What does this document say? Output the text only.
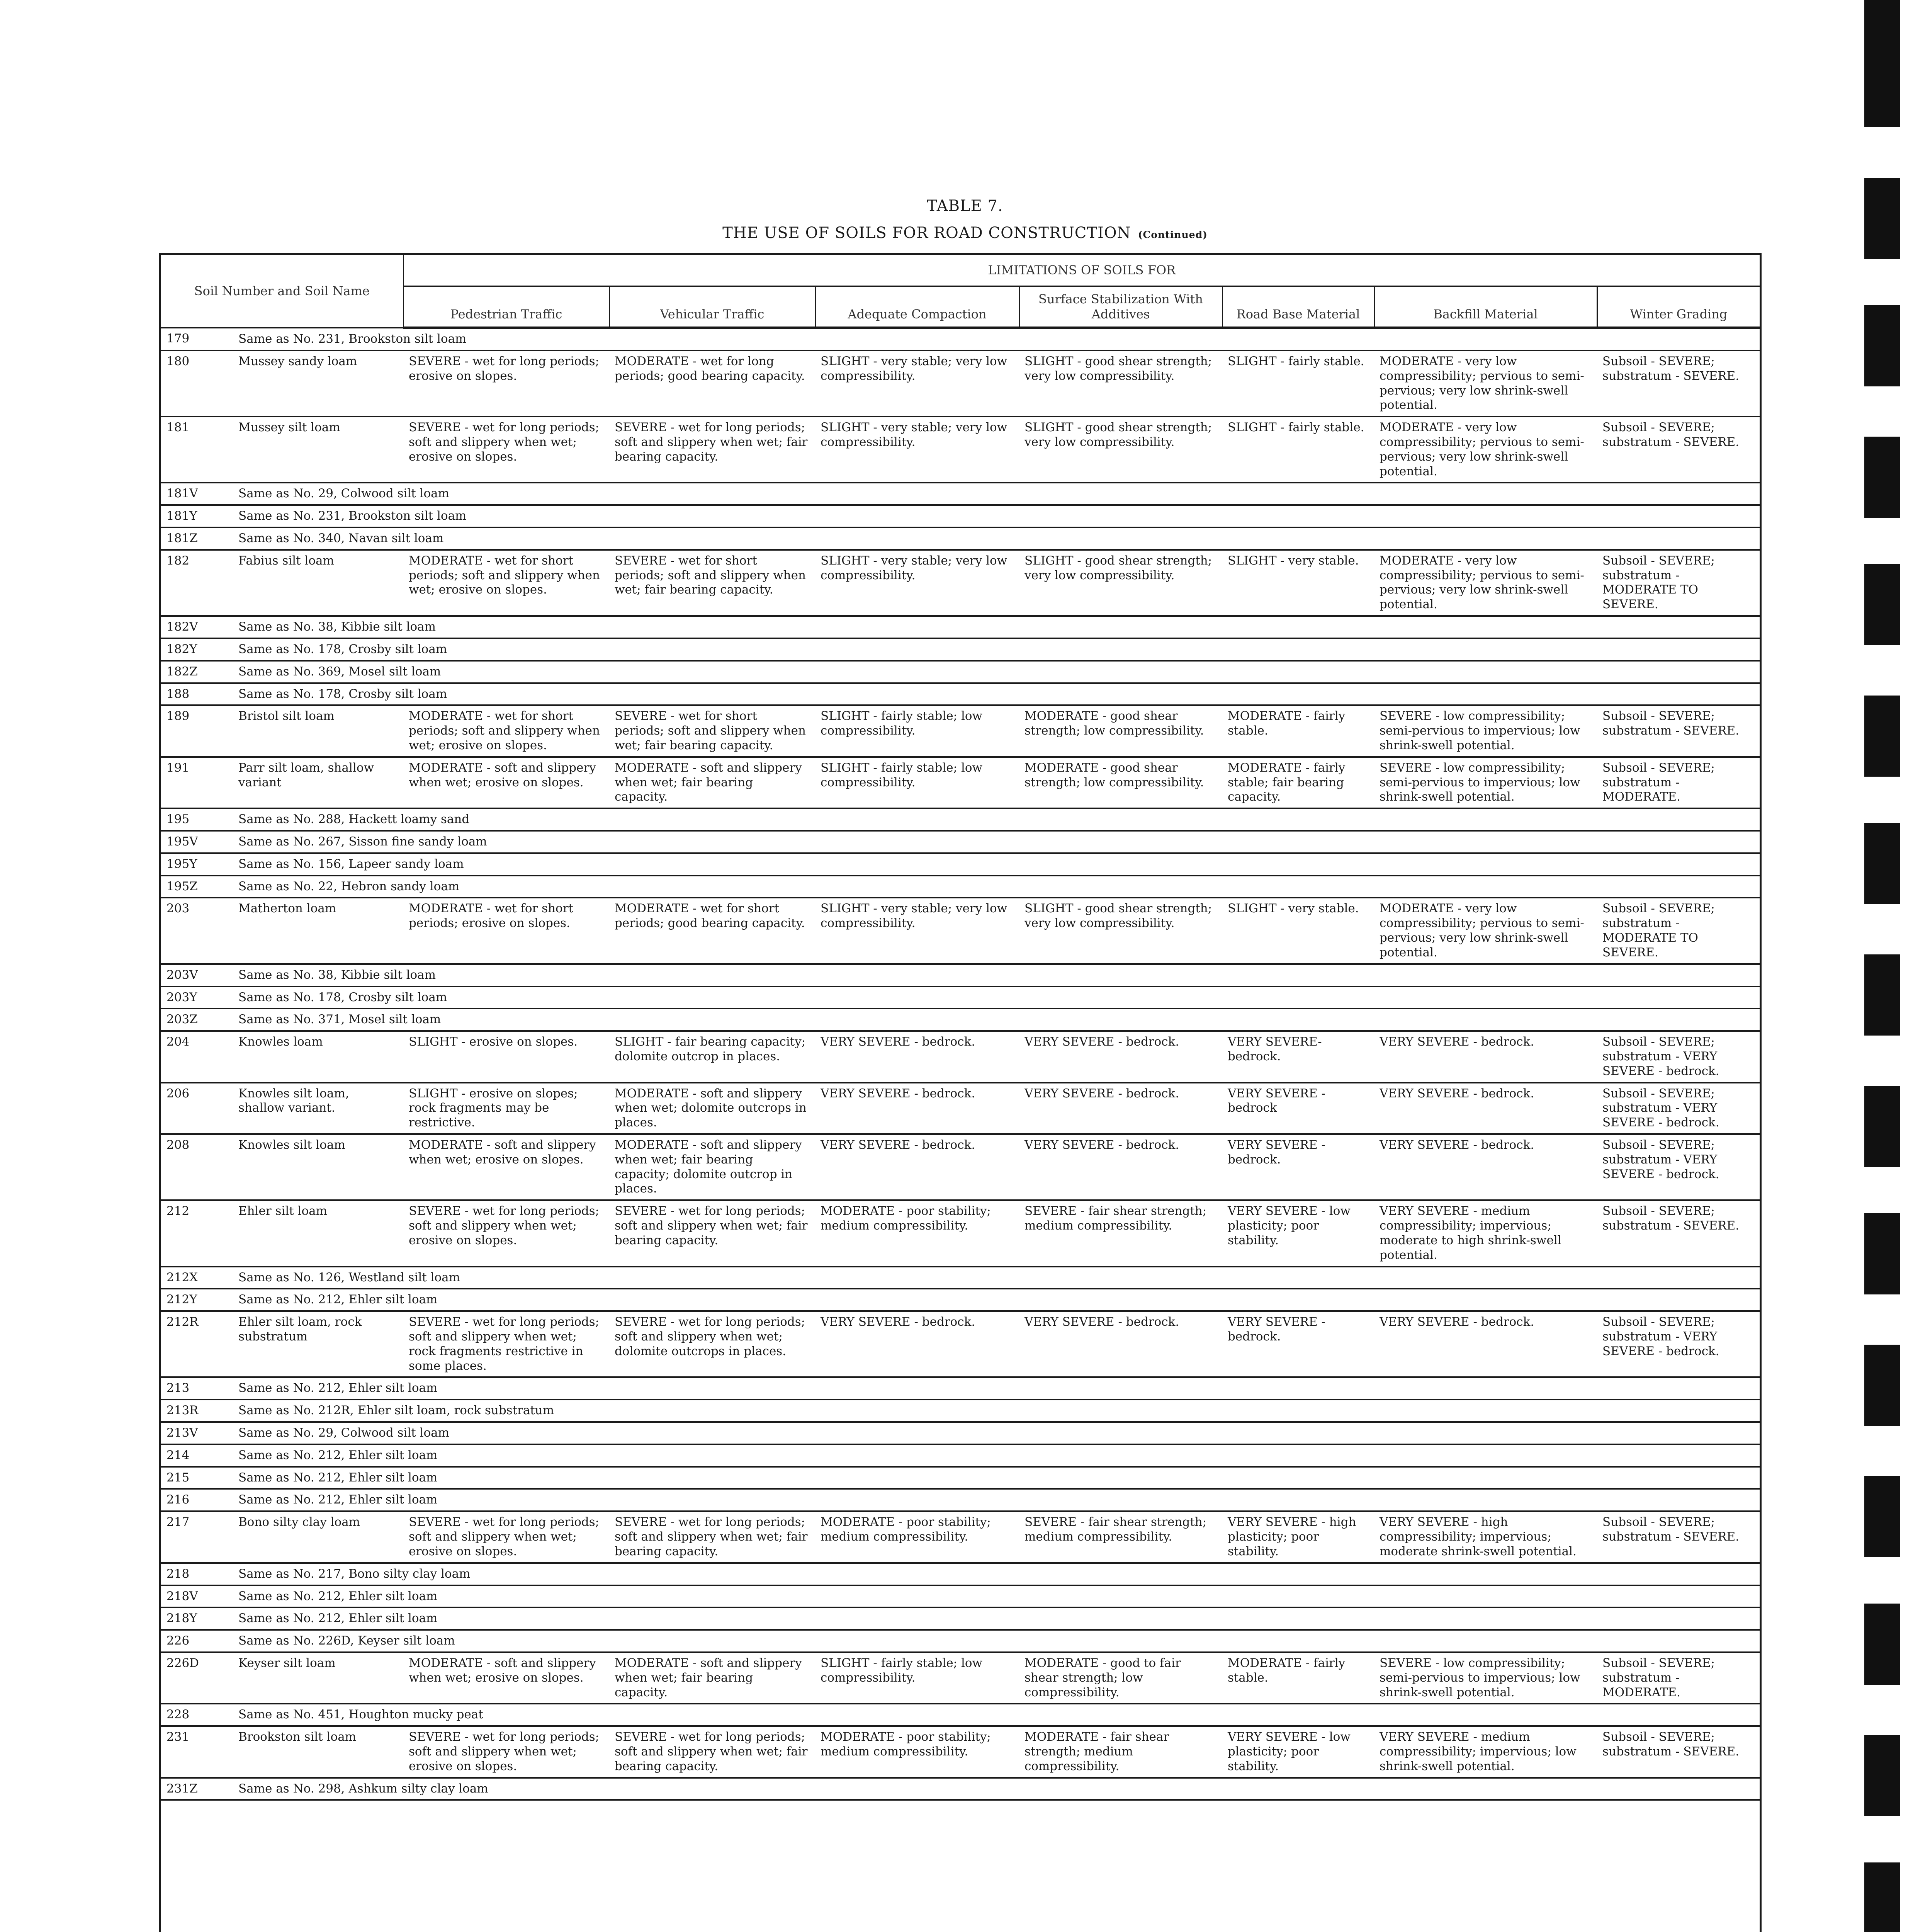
TABLE 7.
THE USE OF SOILS FOR ROAD CONSTRUCTION (Continued)
Soil Number and Soil Name		LIMITATIONS OF SOILS FOR						
		Pedestrian Traffic	Vehicular Traffic	Adequate Compaction	Surface Stabilization With Additives	Road Base Material	Backfill Material	Winter Grading
179	Same as No. 231, Brookston silt loam							
180	Mussey sandy loam	SEVERE - wet for long periods; erosive on slopes.	MODERATE - wet for long periods; good bearing capacity.	SLIGHT - very stable; very low compressibility.	SLIGHT - good shear strength; very low compressibility.	SLIGHT - fairly stable.	MODERATE - very low compressibility; pervious to semi-pervious; very low shrink-swell potential.	Subsoil - SEVERE; substratum - SEVERE.
181	Mussey silt loam	SEVERE - wet for long periods; soft and slippery when wet; erosive on slopes.	SEVERE - wet for long periods; soft and slippery when wet; fair bearing capacity.	SLIGHT - very stable; very low compressibility.	SLIGHT - good shear strength; very low compressibility.	SLIGHT - fairly stable.	MODERATE - very low compressibility; pervious to semi-pervious; very low shrink-swell potential.	Subsoil - SEVERE; substratum - SEVERE.
181V	Same as No. 29, Colwood silt loam							
181Y	Same as No. 231, Brookston silt loam							
181Z	Same as No. 340, Navan silt loam							
182	Fabius silt loam	MODERATE - wet for short periods; soft and slippery when wet; erosive on slopes.	SEVERE - wet for short periods; soft and slippery when wet; fair bearing capacity.	SLIGHT - very stable; very low compressibility.	SLIGHT - good shear strength; very low compressibility.	SLIGHT - very stable.	MODERATE - very low compressibility; pervious to semi-pervious; very low shrink-swell potential.	Subsoil - SEVERE; substratum - MODERATE TO SEVERE.
182V	Same as No. 38, Kibbie silt loam							
182Y	Same as No. 178, Crosby silt loam							
182Z	Same as No. 369, Mosel silt loam							
188	Same as No. 178, Crosby silt loam							
189	Bristol silt loam	MODERATE - wet for short periods; soft and slippery when wet; erosive on slopes.	SEVERE - wet for short periods; soft and slippery when wet; fair bearing capacity.	SLIGHT - fairly stable; low compressibility.	MODERATE - good shear strength; low compressibility.	MODERATE - fairly stable.	SEVERE - low compressibility; semi-pervious to impervious; low shrink-swell potential.	Subsoil - SEVERE; substratum - SEVERE.
191	Parr silt loam, shallow variant	MODERATE - soft and slippery when wet; erosive on slopes.	MODERATE - soft and slippery when wet; fair bearing capacity.	SLIGHT - fairly stable; low compressibility.	MODERATE - good shear strength; low compressibility.	MODERATE - fairly stable; fair bearing capacity.	SEVERE - low compressibility; semi-pervious to impervious; low shrink-swell potential.	Subsoil - SEVERE; substratum - MODERATE.
195	Same as No. 288, Hackett loamy sand							
195V	Same as No. 267, Sisson fine sandy loam							
195Y	Same as No. 156, Lapeer sandy loam							
195Z	Same as No. 22, Hebron sandy loam							
203	Matherton loam	MODERATE - wet for short periods; erosive on slopes.	MODERATE - wet for short periods; good bearing capacity.	SLIGHT - very stable; very low compressibility.	SLIGHT - good shear strength; very low compressibility.	SLIGHT - very stable.	MODERATE - very low compressibility; pervious to semi-pervious; very low shrink-swell potential.	Subsoil - SEVERE; substratum - MODERATE TO SEVERE.
203V	Same as No. 38, Kibbie silt loam							
203Y	Same as No. 178, Crosby silt loam							
203Z	Same as No. 371, Mosel silt loam							
204	Knowles loam	SLIGHT - erosive on slopes.	SLIGHT - fair bearing capacity; dolomite outcrop in places.	VERY SEVERE - bedrock.	VERY SEVERE - bedrock.	VERY SEVERE- bedrock.	VERY SEVERE - bedrock.	Subsoil - SEVERE; substratum - VERY SEVERE - bedrock.
206	Knowles silt loam, shallow variant.	SLIGHT - erosive on slopes; rock fragments may be restrictive.	MODERATE - soft and slippery when wet; dolomite outcrops in places.	VERY SEVERE - bedrock.	VERY SEVERE - bedrock.	VERY SEVERE - bedrock	VERY SEVERE - bedrock.	Subsoil - SEVERE; substratum - VERY SEVERE - bedrock.
208	Knowles silt loam	MODERATE - soft and slippery when wet; erosive on slopes.	MODERATE - soft and slippery when wet; fair bearing capacity; dolomite outcrop in places.	VERY SEVERE - bedrock.	VERY SEVERE - bedrock.	VERY SEVERE - bedrock.	VERY SEVERE - bedrock.	Subsoil - SEVERE; substratum - VERY SEVERE - bedrock.
212	Ehler silt loam	SEVERE - wet for long periods; soft and slippery when wet; erosive on slopes.	SEVERE - wet for long periods; soft and slippery when wet; fair bearing capacity.	MODERATE - poor stability; medium compressibility.	SEVERE - fair shear strength; medium compressibility.	VERY SEVERE - low plasticity; poor stability.	VERY SEVERE - medium compressibility; impervious; moderate to high shrink-swell potential.	Subsoil - SEVERE; substratum - SEVERE.
212X	Same as No. 126, Westland silt loam							
212Y	Same as No. 212, Ehler silt loam							
212R	Ehler silt loam, rock substratum	SEVERE - wet for long periods; soft and slippery when wet; rock fragments restrictive in some places.	SEVERE - wet for long periods; soft and slippery when wet; dolomite outcrops in places.	VERY SEVERE - bedrock.	VERY SEVERE - bedrock.	VERY SEVERE - bedrock.	VERY SEVERE - bedrock.	Subsoil - SEVERE; substratum - VERY SEVERE - bedrock.
213	Same as No. 212, Ehler silt loam							
213R	Same as No. 212R, Ehler silt loam, rock substratum							
213V	Same as No. 29, Colwood silt loam							
214	Same as No. 212, Ehler silt loam							
215	Same as No. 212, Ehler silt loam							
216	Same as No. 212, Ehler silt loam							
217	Bono silty clay loam	SEVERE - wet for long periods; soft and slippery when wet; erosive on slopes.	SEVERE - wet for long periods; soft and slippery when wet; fair bearing capacity.	MODERATE - poor stability; medium compressibility.	SEVERE - fair shear strength; medium compressibility.	VERY SEVERE - high plasticity; poor stability.	VERY SEVERE - high compressibility; impervious; moderate shrink-swell potential.	Subsoil - SEVERE; substratum - SEVERE.
218	Same as No. 217, Bono silty clay loam							
218V	Same as No. 212, Ehler silt loam							
218Y	Same as No. 212, Ehler silt loam							
226	Same as No. 226D, Keyser silt loam							
226D	Keyser silt loam	MODERATE - soft and slippery when wet; erosive on slopes.	MODERATE - soft and slippery when wet; fair bearing capacity.	SLIGHT - fairly stable; low compressibility.	MODERATE - good to fair shear strength; low compressibility.	MODERATE - fairly stable.	SEVERE - low compressibility; semi-pervious to impervious; low shrink-swell potential.	Subsoil - SEVERE; substratum - MODERATE.
228	Same as No. 451, Houghton mucky peat							
231	Brookston silt loam	SEVERE - wet for long periods; soft and slippery when wet; erosive on slopes.	SEVERE - wet for long periods; soft and slippery when wet; fair bearing capacity.	MODERATE - poor stability; medium compressibility.	MODERATE - fair shear strength; medium compressibility.	VERY SEVERE - low plasticity; poor stability.	VERY SEVERE - medium compressibility; impervious; low shrink-swell potential.	Subsoil - SEVERE; substratum - SEVERE.
231Z	Same as No. 298, Ashkum silty clay loam							
